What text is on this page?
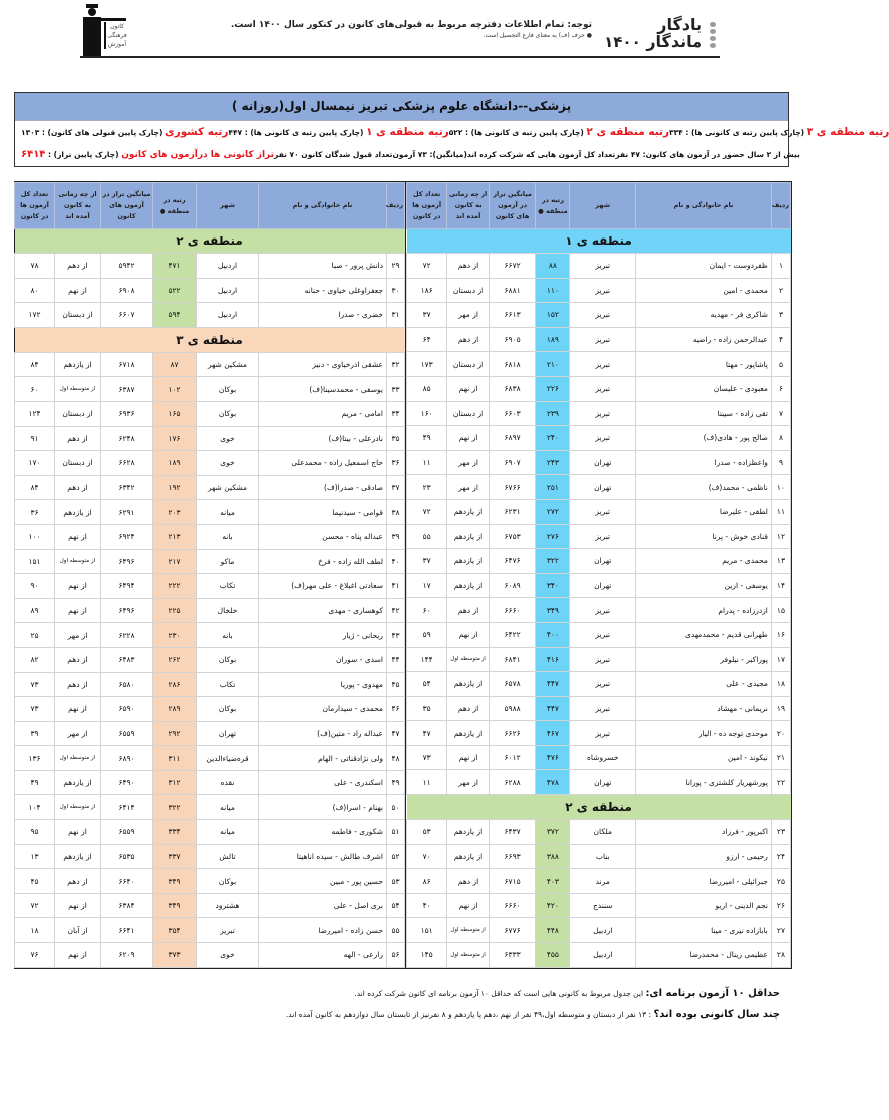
کانون
فرهنگی
آموزش
توجه: تمام اطلاعات دفترچه مربوط به قبولی‌های کانون در کنکور سال ۱۴۰۰ است.
● حرف (ف) به معنای فارغ التحصیل است.
یادگار
ماندگار ۱۴۰۰
پزشکی--دانشگاه علوم پزشکی تبریز نیمسال اول(روزانه )
رتبه کشوری (چارک پایین قبولی های کانون) : ۱۳۰۳	رتبه منطقه ی ۱ (چارک پایین رتبه ی کانونی ها) : ۴۴۷	رتبه منطقه ی ۲ (چارک پایین رتبه ی کانونی ها) : ۵۲۲	رتبه منطقه ی ۳ (چارک پایین رتبه ی کانونی ها) : ۳۳۴
تراز کانونی ها درآزمون های کانون (چارک پایین تراز) : ۶۴۱۴	تعداد قبول شدگان کانون ۷۰ نفر تعداد کل آزمون هایی که شرکت کرده اند(میانگین): ۷۳ آزمون بیش از ۲ سال حضور در آزمون های کانون: ۴۷ نفر
ردیف	نام خانوادگی و نام	شهر	رتبه در منطقه ●	میانگین تراز در آزمون های کانون	از چه زمانی به کانون آمده اند	تعداد کل آزمون ها در کانون
منطقه ی ۱						
۱	ظفردوست - ایمان	تبریز	۸۸	۶۶۷۲	از دهم	۷۲
۲	محمدی - امین	تبریز	۱۱۰	۶۸۸۱	از دبستان	۱۸۶
۳	شاکری فر - مهدیه	تبریز	۱۵۲	۶۶۱۳	از مهر	۳۷
۴	عبدالرحمن زاده - راضیه	تبریز	۱۸۹	۶۹۰۵	از دهم	۶۴
۵	پاشاپور - مهتا	تبریز	۲۱۰	۶۸۱۸	از دبستان	۱۷۳
۶	معبودی - علیسان	تبریز	۲۲۶	۶۸۳۸	از نهم	۸۵
۷	تقی زاده - سیبتا	تبریز	۲۳۹	۶۶۰۳	از دبستان	۱۶۰
۸	صالح پور - هادی(ف)	تبریز	۲۴۰	۶۸۹۷	از نهم	۴۹
۹	واعظزاده - صدرا	تهران	۲۴۳	۶۹۰۷	از مهر	۱۱
۱۰	ناظمی - محمد(ف)	تهران	۲۵۱	۶۷۶۶	از مهر	۲۳
۱۱	لطفی - علیرضا	تبریز	۲۷۲	۶۲۳۱	از یازدهم	۷۲
۱۲	قنادی خوش - پرنا	تبریز	۲۷۶	۶۷۵۳	از یازدهم	۵۵
۱۳	محمدی - مریم	تهران	۳۲۲	۶۴۷۶	از یازدهم	۳۷
۱۴	یوسفی - ارین	تهران	۳۴۰	۶۰۸۹	از یازدهم	۱۷
۱۵	ازدرزاده - پدرام	تبریز	۳۴۹	۶۶۶۰	از دهم	۶۰
۱۶	طهرانی قدیم - محمدمهدی	تبریز	۴۰۰	۶۴۲۲	از نهم	۵۹
۱۷	پوراکبر - نیلوفر	تبریز	۴۱۶	۶۸۴۱	از متوسطه اول	۱۴۴
۱۸	مجیدی - علی	تبریز	۴۴۷	۶۵۷۸	از یازدهم	۵۴
۱۹	نریمانی - مهشاد	تبریز	۴۴۷	۵۹۸۸	از دهم	۳۵
۲۰	موحدی توجه ده - الیار	تبریز	۴۶۷	۶۶۲۶	از یازدهم	۴۷
۲۱	نیکوند - امین	خسروشاه	۴۷۶	۶۰۱۲	از نهم	۷۳
۲۲	پورشهریار کلشتری - پورانا	تهران	۴۷۸	۶۲۸۸	از مهر	۱۱
منطقه ی ۲						
۲۳	اکبرپور - فرزاد	ملکان	۳۷۲	۶۴۳۷	از یازدهم	۵۳
۲۴	رحیمی - ارزو	بناب	۳۸۸	۶۶۹۳	از یازدهم	۷۰
۲۵	جبرائیلی - امیررضا	مرند	۴۰۳	۶۷۱۵	از دهم	۸۶
۲۶	نجم الدینی - اریو	سنندج	۴۲۰	۶۶۶۰	از نهم	۴۰
۲۷	بابازاده نیری - مینا	اردبیل	۴۴۸	۶۷۷۶	از متوسطه اول	۱۵۱
۲۸	عظیمی زینال - محمدرضا	اردبیل	۴۵۵	۶۳۳۳	از متوسطه اول	۱۴۵
ردیف	نام خانوادگی و نام	شهر	رتبه در منطقه ●	میانگین تراز در آزمون های کانون	از چه زمانی به کانون آمده اند	تعداد کل آزمون ها در کانون
منطقه ی ۲						
۲۹	دانش پرور - صبا	اردبیل	۴۷۱	۵۹۴۲	از دهم	۷۸
۳۰	جعفراوغلی خیاوی - حنانه	اردبیل	۵۲۲	۶۹۰۸	از نهم	۸۰
۳۱	خضری - صدرا	اردبیل	۵۹۴	۶۶۰۷	از دبستان	۱۷۲
منطقه ی ۳						
۳۲	عشقی اذرخیاوی - دنیز	مشکین شهر	۸۷	۶۷۱۸	از یازدهم	۸۴
۳۳	یوسفی - محمدسینا(ف)	بوکان	۱۰۲	۶۳۸۷	از متوسطه اول	۶۰
۳۴	امامی - مریم	بوکان	۱۶۵	۶۹۳۶	از دبستان	۱۲۴
۳۵	نادرعلی - بیتا(ف)	خوی	۱۷۶	۶۲۴۸	از دهم	۹۱
۳۶	حاج اسمعیل زاده - محمدعلی	خوی	۱۸۹	۶۶۲۸	از دبستان	۱۷۰
۳۷	صادقی - صدرا(ف)	مشکین شهر	۱۹۲	۶۳۴۲	از دهم	۸۴
۳۸	قوامی - سیدنیما	میانه	۲۰۳	۶۲۹۱	از یازدهم	۳۶
۳۹	عبداله پناه - محسن	بانه	۲۱۳	۶۹۲۴	از نهم	۱۰۰
۴۰	لطف الله زاده - فرخ	ماکو	۲۱۷	۶۴۹۶	از متوسطه اول	۱۵۱
۴۱	سعادتی اغبلاغ - علی مهر(ف)	تکاب	۲۲۲	۶۴۹۴	از نهم	۹۰
۴۲	کوهساری - مهدی	خلخال	۲۲۵	۶۴۹۶	از نهم	۸۹
۴۳	ریحانی - ژیار	بانه	۲۳۰	۶۲۲۸	از مهر	۲۵
۴۴	اسدی - سوران	بوکان	۲۶۲	۶۴۸۳	از دهم	۸۲
۴۵	مهدوی - پوریا	تکاب	۲۸۶	۶۵۸۰	از دهم	۷۳
۴۶	محمدی - سیدارمان	بوکان	۲۸۹	۶۵۹۰	از نهم	۷۳
۴۷	عبداله راد - متین(ف)	تهران	۲۹۲	۶۵۵۹	از مهر	۳۹
۴۸	ولی نژادقناتی - الهام	قره‌ضیاءالدین	۳۱۱	۶۸۹۰	از متوسطه اول	۱۳۶
۴۹	اسکندری - علی	نقده	۳۱۲	۶۴۹۰	از یازدهم	۴۹
۵۰	بهنام - اسرا(ف)	میانه	۳۲۲	۶۴۱۴	از متوسطه اول	۱۰۴
۵۱	شکوری - فاطمه	میانه	۳۳۴	۶۵۵۹	از نهم	۹۵
۵۲	اشرف طالش - سیده اناهیتا	تالش	۳۳۷	۶۵۳۵	از یازدهم	۱۳
۵۳	حسین پور - مبین	بوکان	۳۴۹	۶۶۴۰	از دهم	۴۵
۵۴	بری اصل - علی	هشترود	۳۴۹	۶۳۸۴	از نهم	۷۲
۵۵	حسن زاده - امیررضا	تبریز	۳۵۴	۶۶۴۱	از آبان	۱۸
۵۶	زارعی - الهه	خوی	۳۷۳	۶۲۰۹	از نهم	۷۶

حداقل ۱۰ آزمون برنامه ای: این جدول مربوط به کانونی هایی است که حداقل ۱۰ آزمون برنامه ای کانون شرکت کرده اند.

چند سال کانونی بوده اند؟ : ۱۳ نفر از دبستان و متوسطه اول،۴۹ نفر از نهم ،دهم یا یازدهم و ۸ نفرنیز از تابستان سال دوازدهم به کانون آمده اند.
